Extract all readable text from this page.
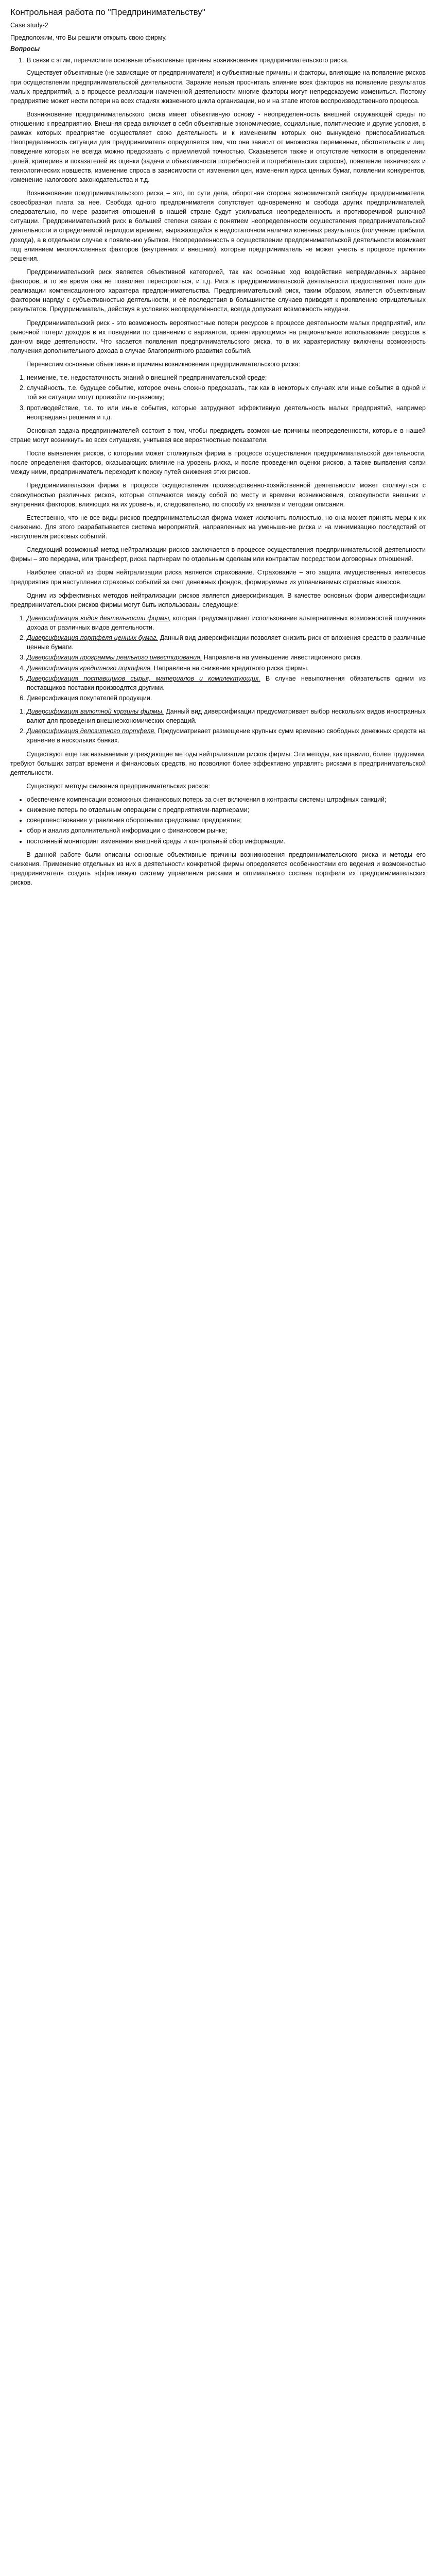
Контрольная работа по "Предпринимательству"
Case study-2
Предположим, что Вы решили открыть свою фирму.
Вопросы
1. В связи с этим, перечислите основные объективные причины возникновения предпринимательского риска.

Существует объективные (не зависящие от предпринимателя) и субъективные причины и факторы, влияющие на появление рисков при осуществлении предпринимательской деятельности. Зарание нельзя просчитать влияние всех факторов на появление результатов малых предприятий, а в процессе реализации намеченной деятельности многие факторы могут непредсказуемо измениться. Поэтому предприятие может нести потери на всех стадиях жизненного цикла организации, но и на этапе итогов воспроизводственного процесса.

Возникновение предпринимательского риска имеет объективную основу - неопределенность внешней окружающей среды по отношению к предприятию. Внешняя среда включает в себя объективные экономические, социальные, политические и другие условия, в рамках которых предприятие осуществляет свою деятельность и к изменениям которых оно вынуждено приспосабливаться. Неопределенность ситуации для предпринимателя определяется тем, что она зависит от множества переменных, обстоятельств и лиц, поведение которых не всегда можно предсказать с приемлемой точностью. Сказывается также и отсутствие четкости в определении целей, критериев и показателей их оценки (задачи и объективности потребностей и потребительских спросов), появление технических и технологических новшеств, изменение спроса в зависимости от изменения цен, изменения курса ценных бумаг, появлении конкурентов, изменение налогового законодательства и т.д.

Возникновение предпринимательского риска – это, по сути дела, оборотная сторона экономической свободы предпринимателя, своеобразная плата за нее. Свобода одного предпринимателя сопутствует одновременно и свобода других предпринимателей, следовательно, по мере развития отношений в нашей стране будут усиливаться неопределенность и противоречивой рыночной ситуации. Предпринимательский риск в большей степени связан с понятием неопределенности осуществления предпринимательской деятельности и определяемой периодом времени, выражающейся в недостаточном наличии конечных результатов (получение прибыли, дохода), а в отдельном случае к появлению убытков. Неопределенность в осуществлении предпринимательской деятельности возникает под влиянием многочисленных факторов (внутренних и внешних), которые предприниматель не может учесть в процессе принятия решения.

Предпринимательский риск является объективной категорией, так как основные ход воздействия непредвиденных заранее факторов, и то же время она не позволяет перестроиться, и т.д. Риск в предпринимательской деятельности предоставляет поле для реализации компенсационного характера предпринимательства. Предпринимательский риск, таким образом, является объективным фактором наряду с субъективностью деятельности, и её последствия в большинстве случаев приводят к проявлению отрицательных результатов. Предприниматель, действуя в условиях неопределённости, всегда допускает возможность неудачи.

Предпринимательский риск - это возможность вероятностные потери ресурсов в процессе деятельности малых предприятий, или рыночной потери доходов в их поведении по сравнению с вариантом, ориентирующимся на рациональное использование ресурсов в данном виде деятельности. Что касается появления предпринимательского риска, то в их характеристику включены возможность получения дополнительного дохода в случае благоприятного развития событий.

Перечислим основные объективные причины возникновения предпринимательского риска:

1. неимение, т.е. недостаточность знаний о внешней предпринимательской среде;
2. случайность, т.е. будущее событие, которое очень сложно предсказать, так как в некоторых случаях или иные события в одной и той же ситуации могут произойти по-разному;
3. противодействие, т.е. то или иные события, которые затрудняют эффективную деятельность малых предприятий, например неоправданы решения и т.д.

Основная задача предпринимателей состоит в том, чтобы предвидеть возможные причины неопределенности, которые в нашей стране могут возникнуть во всех ситуациях, учитывая все вероятностные показатели.

После выявления рисков, с которыми может столкнуться фирма в процессе осуществления предпринимательской деятельности, после определения факторов, оказывающих влияние на уровень риска, и после проведения оценки рисков, а также выявления связи между ними, предприниматель переходит к поиску путей снижения этих рисков.

Предпринимательская фирма в процессе осуществления производственно-хозяйственной деятельности может столкнуться с совокупностью различных рисков, которые отличаются между собой по месту и времени возникновения, совокупности внешних и внутренних факторов, влияющих на их уровень, и, следовательно, по способу их анализа и методам описания.

Естественно, что не все виды рисков предпринимательская фирма может исключить полностью, но она может принять меры к их снижению. Для этого разрабатывается система мероприятий, направленных на уменьшение риска и на минимизацию последствий от наступления рисковых событий.

Следующий возможный метод нейтрализации рисков заключается в процессе осуществления предпринимательской деятельности фирмы – это передача, или трансферт, риска партнерам по отдельным сделкам или контрактам посредством договорных отношений.

Наиболее опасной из форм нейтрализации риска является страхование. Страхование – это защита имущественных интересов предприятия при наступлении страховых событий за счет денежных фондов, формируемых из уплачиваемых страховых взносов.

Одним из эффективных методов нейтрализации рисков является диверсификация. В качестве основных форм диверсификации предпринимательских рисков фирмы могут быть использованы следующие:

1. Диверсификация видов деятельности фирмы, которая предусматривает использование альтернативных возможностей получения дохода от различных видов деятельности.
2. Диверсификация портфеля ценных бумаг. Данный вид диверсификации позволяет снизить риск от вложения средств в различные ценные бумаги.
3. Диверсификация программы реального инвестирования. Направлена на уменьшение инвестиционного риска.
4. Диверсификация кредитного портфеля. Направлена на снижение кредитного риска фирмы.
5. Диверсификация поставщиков сырья, материалов и комплектующих. В случае невыполнения обязательств одним из поставщиков поставки производятся другими.
6. Диверсификация покупателей продукции.
1. Диверсификация валютной корзины фирмы. Данный вид диверсификации предусматривает выбор нескольких видов иностранных валют для проведения внешнеэкономических операций.
2. Диверсификация депозитного портфеля. Предусматривает размещение крупных сумм временно свободных денежных средств на хранение в нескольких банках.

Существуют еще так называемые упреждающие методы нейтрализации рисков фирмы. Эти методы, как правило, более трудоемки, требуют больших затрат времени и финансовых средств, но позволяют более эффективно управлять рисками в предпринимательской деятельности.

Существуют методы снижения предпринимательских рисков:

• обеспечение компенсации возможных финансовых потерь за счет включения в контракты системы штрафных санкций;
• снижение потерь по отдельным операциям с предприятиями-партнерами;
• совершенствование управления оборотными средствами предприятия;
• сбор и анализ дополнительной информации о финансовом рынке;
• постоянный мониторинг изменения внешней среды и контрольный сбор информации.

В данной работе были описаны основные объективные причины возникновения предпринимательского риска и методы его снижения. Применение отдельных из них в деятельности конкретной фирмы определяется особенностями его ведения и возможностью предпринимателя создать эффективную систему управления рисками и оптимального состава портфеля их предпринимательских рисков.
